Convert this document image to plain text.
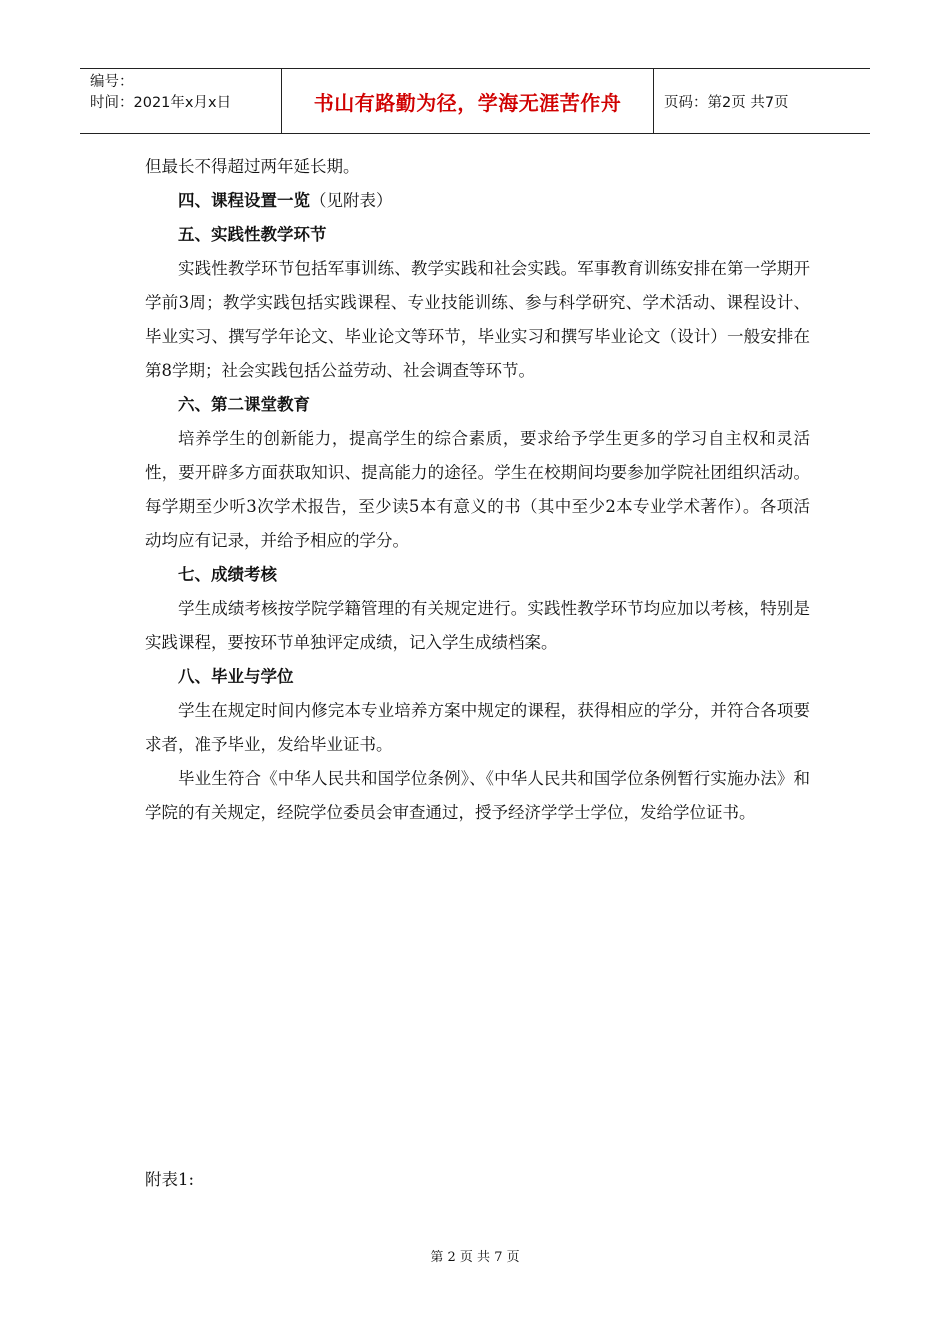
编号：
时间：2021年x月x日	书山有路勤为径，学海无涯苦作舟	页码：第2页 共7页

但最长不得超过两年延长期。

四、课程设置一览（见附表）

五、实践性教学环节

实践性教学环节包括军事训练、教学实践和社会实践。军事教育训练安排在第一学期开学前3周；教学实践包括实践课程、专业技能训练、参与科学研究、学术活动、课程设计、毕业实习、撰写学年论文、毕业论文等环节，毕业实习和撰写毕业论文（设计）一般安排在第8学期；社会实践包括公益劳动、社会调查等环节。

六、第二课堂教育

培养学生的创新能力，提高学生的综合素质，要求给予学生更多的学习自主权和灵活性，要开辟多方面获取知识、提高能力的途径。学生在校期间均要参加学院社团组织活动。每学期至少听3次学术报告，至少读5本有意义的书（其中至少2本专业学术著作）。各项活动均应有记录，并给予相应的学分。

七、成绩考核

学生成绩考核按学院学籍管理的有关规定进行。实践性教学环节均应加以考核，特别是实践课程，要按环节单独评定成绩，记入学生成绩档案。

八、毕业与学位

学生在规定时间内修完本专业培养方案中规定的课程，获得相应的学分，并符合各项要求者，准予毕业，发给毕业证书。

毕业生符合《中华人民共和国学位条例》、《中华人民共和国学位条例暂行实施办法》和学院的有关规定，经院学位委员会审查通过，授予经济学学士学位，发给学位证书。

附表1:
第 2 页 共 7 页
